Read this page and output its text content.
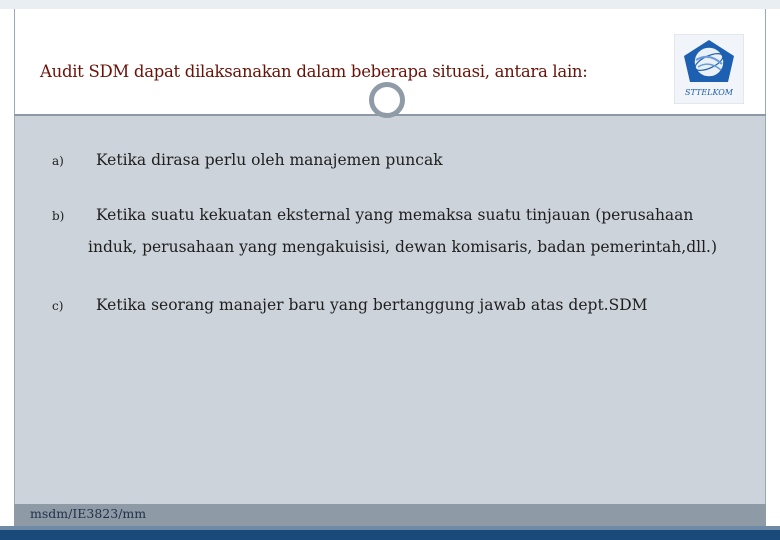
Audit SDM dapat dilaksanakan dalam beberapa situasi, antara lain:
STTELKOM
a) Ketika dirasa perlu oleh manajemen puncak
b) Ketika suatu kekuatan eksternal yang memaksa suatu tinjauan (perusahaan
induk, perusahaan yang mengakuisisi, dewan komisaris, badan pemerintah,dll.)
c) Ketika seorang manajer baru yang bertanggung jawab atas dept.SDM
msdm/IE3823/mm
